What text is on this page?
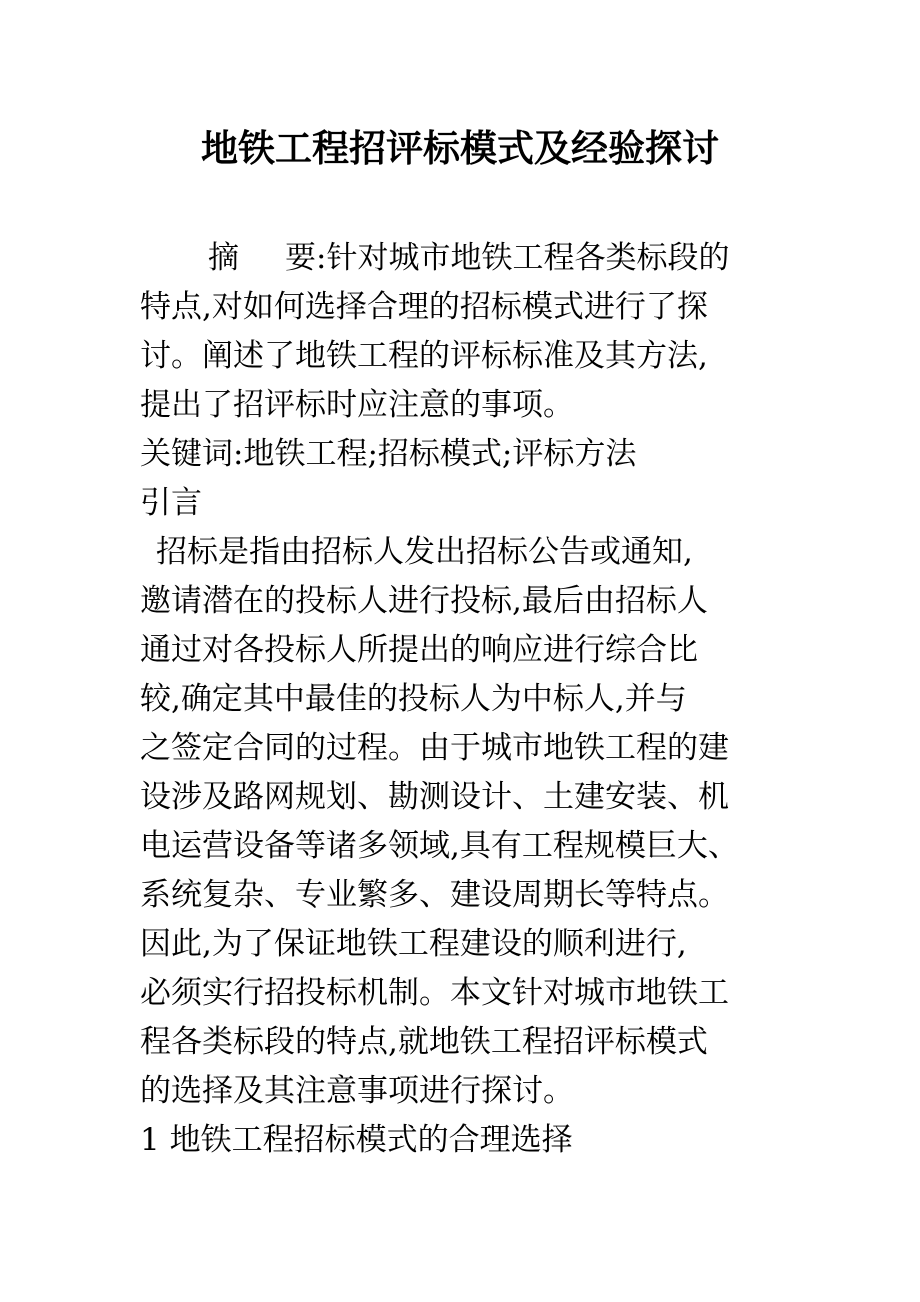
地铁工程招评标模式及经验探讨
摘 要:针对城市地铁工程各类标段的
特点,对如何选择合理的招标模式进行了探
讨。阐述了地铁工程的评标标准及其方法,
提出了招评标时应注意的事项。
关键词:地铁工程;招标模式;评标方法
引言
招标是指由招标人发出招标公告或通知,
邀请潜在的投标人进行投标,最后由招标人
通过对各投标人所提出的响应进行综合比
较,确定其中最佳的投标人为中标人,并与
之签定合同的过程。由于城市地铁工程的建
设涉及路网规划、勘测设计、土建安装、机
电运营设备等诸多领域,具有工程规模巨大、
系统复杂、专业繁多、建设周期长等特点。
因此,为了保证地铁工程建设的顺利进行,
必须实行招投标机制。本文针对城市地铁工
程各类标段的特点,就地铁工程招评标模式
的选择及其注意事项进行探讨。
1 地铁工程招标模式的合理选择
